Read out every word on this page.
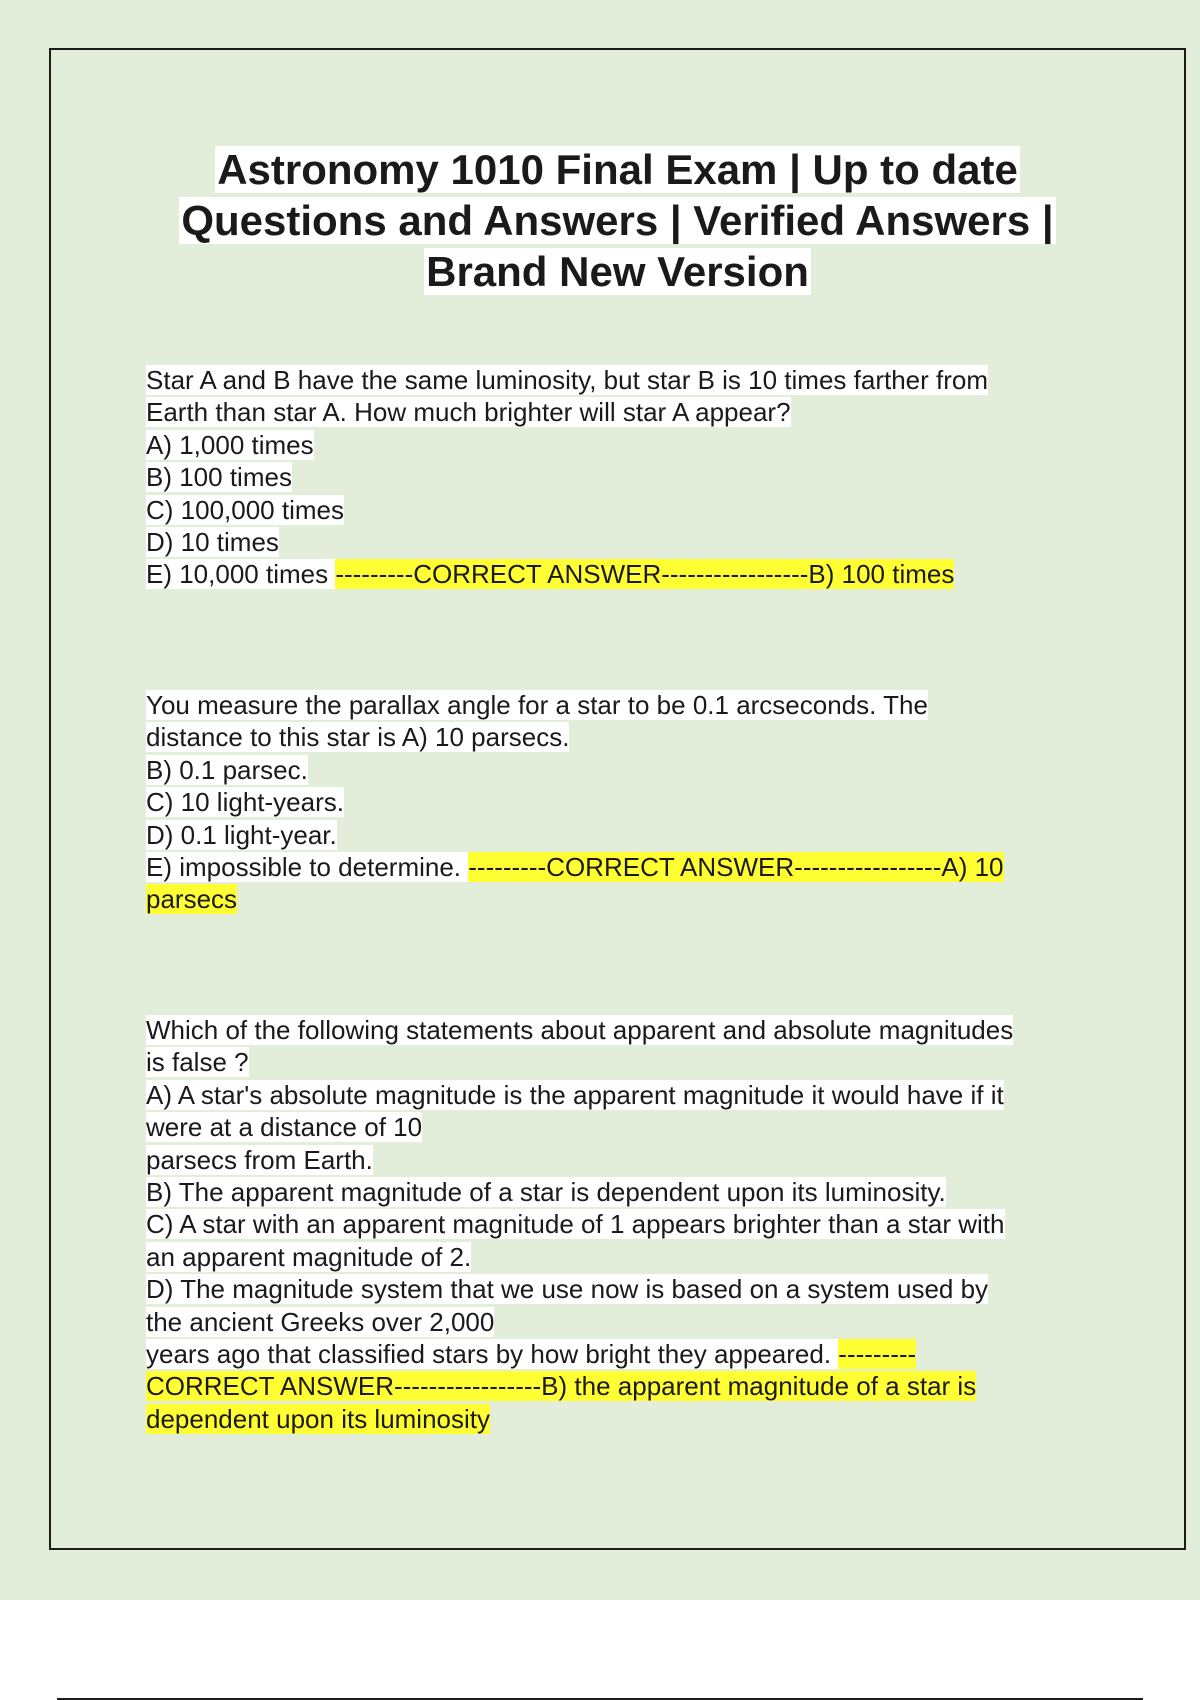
Astronomy 1010 Final Exam | Up to date
Questions and Answers | Verified Answers |
Brand New Version
Star A and B have the same luminosity, but star B is 10 times farther from
Earth than star A. How much brighter will star A appear?
A) 1,000 times
B) 100 times
C) 100,000 times
D) 10 times
E) 10,000 times ---------CORRECT ANSWER-----------------B) 100 times
You measure the parallax angle for a star to be 0.1 arcseconds. The
distance to this star is A) 10 parsecs.
B) 0.1 parsec.
C) 10 light-years.
D) 0.1 light-year.
E) impossible to determine. ---------CORRECT ANSWER-----------------A) 10
parsecs
Which of the following statements about apparent and absolute magnitudes
is false ?
A) A star's absolute magnitude is the apparent magnitude it would have if it
were at a distance of 10
parsecs from Earth.
B) The apparent magnitude of a star is dependent upon its luminosity.
C) A star with an apparent magnitude of 1 appears brighter than a star with
an apparent magnitude of 2.
D) The magnitude system that we use now is based on a system used by
the ancient Greeks over 2,000
years ago that classified stars by how bright they appeared. ---------
CORRECT ANSWER-----------------B) the apparent magnitude of a star is
dependent upon its luminosity
